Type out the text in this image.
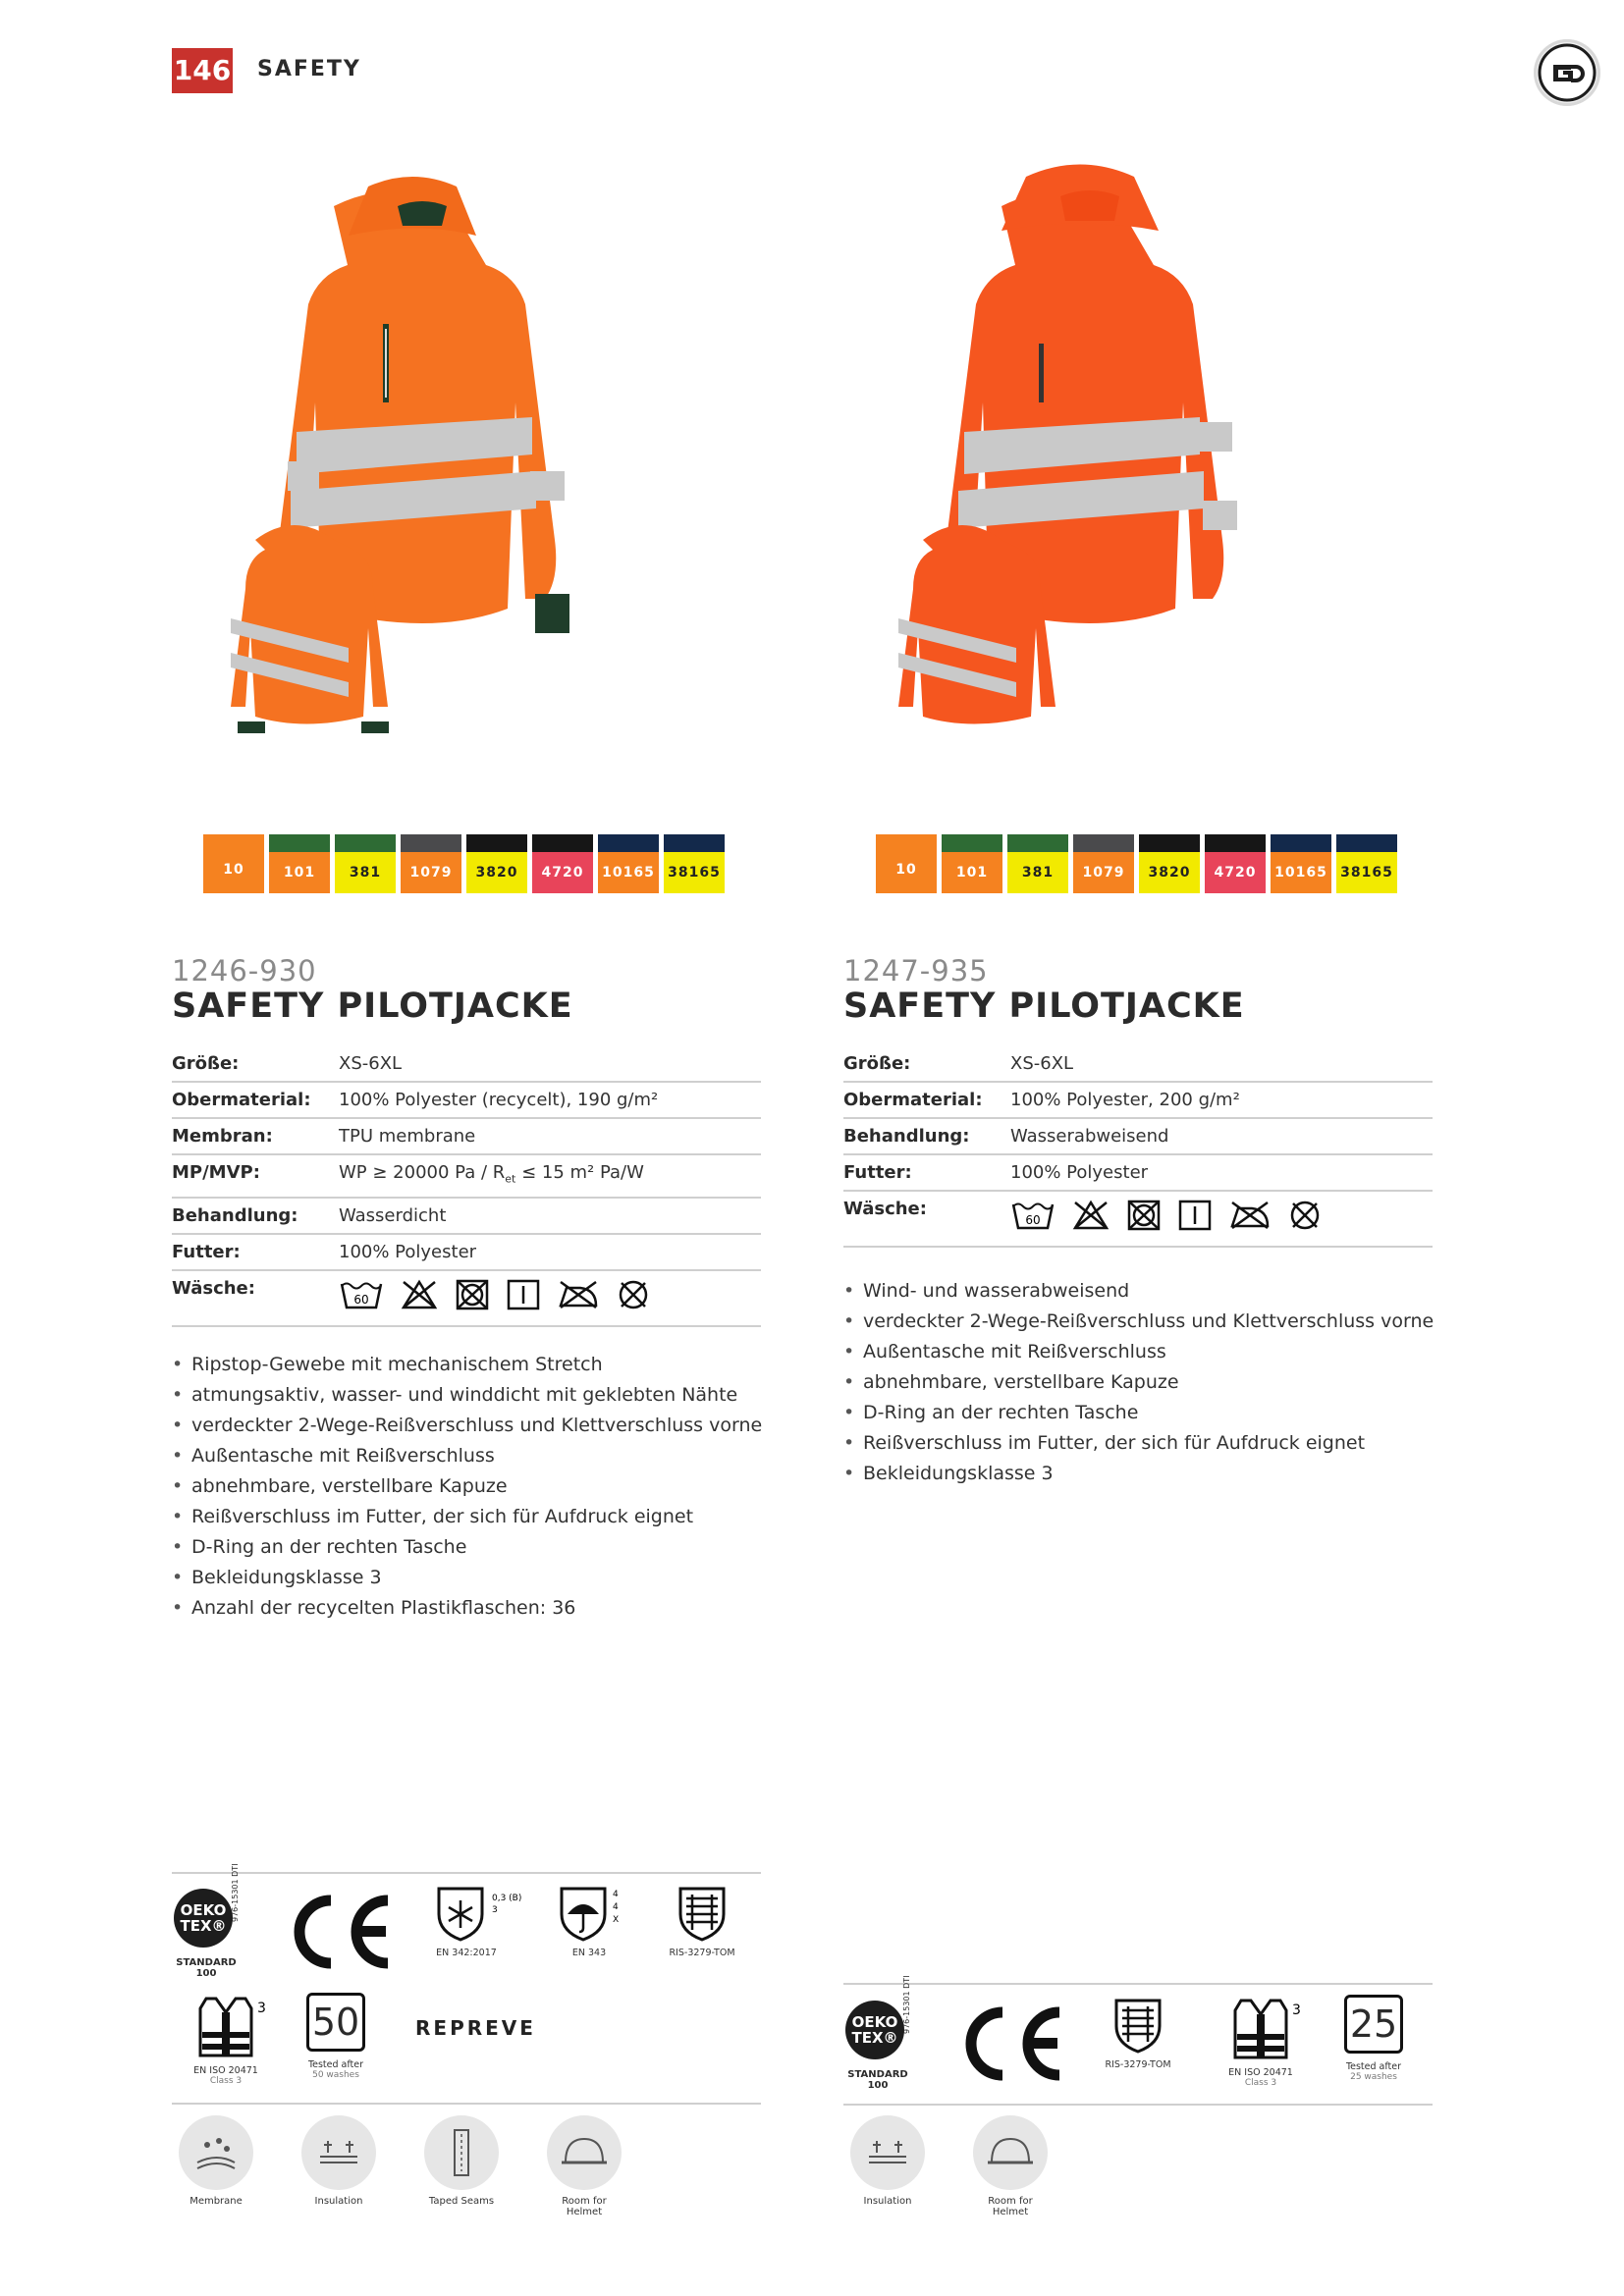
146 SAFETY
10	101	381	1079	3820	4720	10165 38165	10	101	381	1079	3820	4720	10165 38165
1246-930
SAFETY PILOTJACKE
1247-935
SAFETY PILOTJACKE
Größe:	XS-6XL
Obermaterial:	100% Polyester (recycelt), 190 g/m²
Membran:	TPU membrane
MP/MVP:	WP ≥ 20000 $Pa / R_{et} \le 15$ m² Pa/W
Behandlung:	Wasserdicht
Futter:	100% Polyester
Wäsche:
60
Größe:	XS-6XL
Obermaterial:	100% Polyester, 200 g/m²
Behandlung:	Wasserabweisend
Futter:	100% Polyester
Wäsche:
60
• Ripstop-Gewebe mit mechanischem Stretch
• atmungsaktiv, wasser- und winddicht mit geklebten Nähte
• verdeckter 2-Wege-Reißverschluss und Klettverschluss vorne
• Außentasche mit Reißverschluss
• abnehmbare, verstellbare Kapuze
• Reißverschluss im Futter, der sich für Aufdruck eignet
• D-Ring an der rechten Tasche
• Bekleidungsklasse 3
• Anzahl der recycelten Plastikflaschen: 36
• Wind- und wasserabweisend
• verdeckter 2-Wege-Reißverschluss und Klettverschluss vorne
• Außentasche mit Reißverschluss
• abnehmbare, verstellbare Kapuze
• D-Ring an der rechten Tasche
• Reißverschluss im Futter, der sich für Aufdruck eignet
• Bekleidungsklasse 3
OEKO
TEX®
STANDARD 100
976-15301 DTI	0,3 (B)
3
EN 342:2017
4
4
X
EN 343	RIS-3279-TOM
3
EN ISO 20471
Class 3
50
Tested after
50 washes
REPREVE
Membrane	Insulation	Taped Seams	Room for Helmet
OEKO
TEX®
STANDARD 100
976-15301 DTI
RIS-3279-TOM
3
EN ISO 20471
Class 3
25
Tested after
25 washes
Insulation	Room for Helmet
